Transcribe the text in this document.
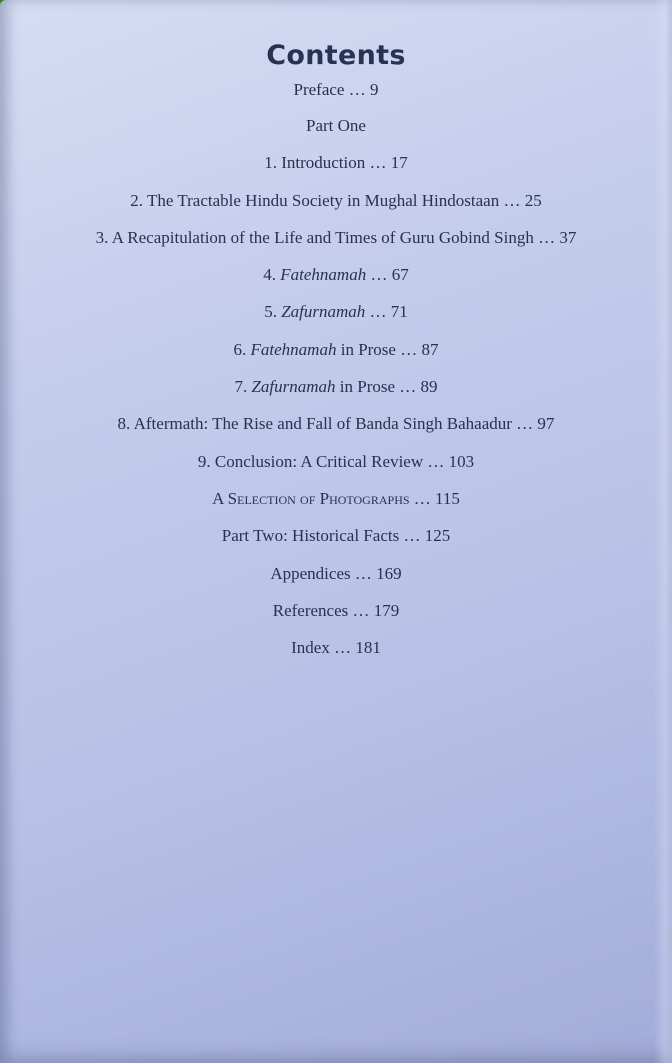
Contents
Preface … 9
Part One
1. Introduction … 17
2. The Tractable Hindu Society in Mughal Hindostaan … 25
3. A Recapitulation of the Life and Times of Guru Gobind Singh … 37
4. Fatehnamah … 67
5. Zafurnamah … 71
6. Fatehnamah in Prose … 87
7. Zafurnamah in Prose … 89
8. Aftermath: The Rise and Fall of Banda Singh Bahaadur … 97
9. Conclusion: A Critical Review … 103
A Selection of Photographs … 115
Part Two: Historical Facts … 125
Appendices … 169
References … 179
Index … 181
